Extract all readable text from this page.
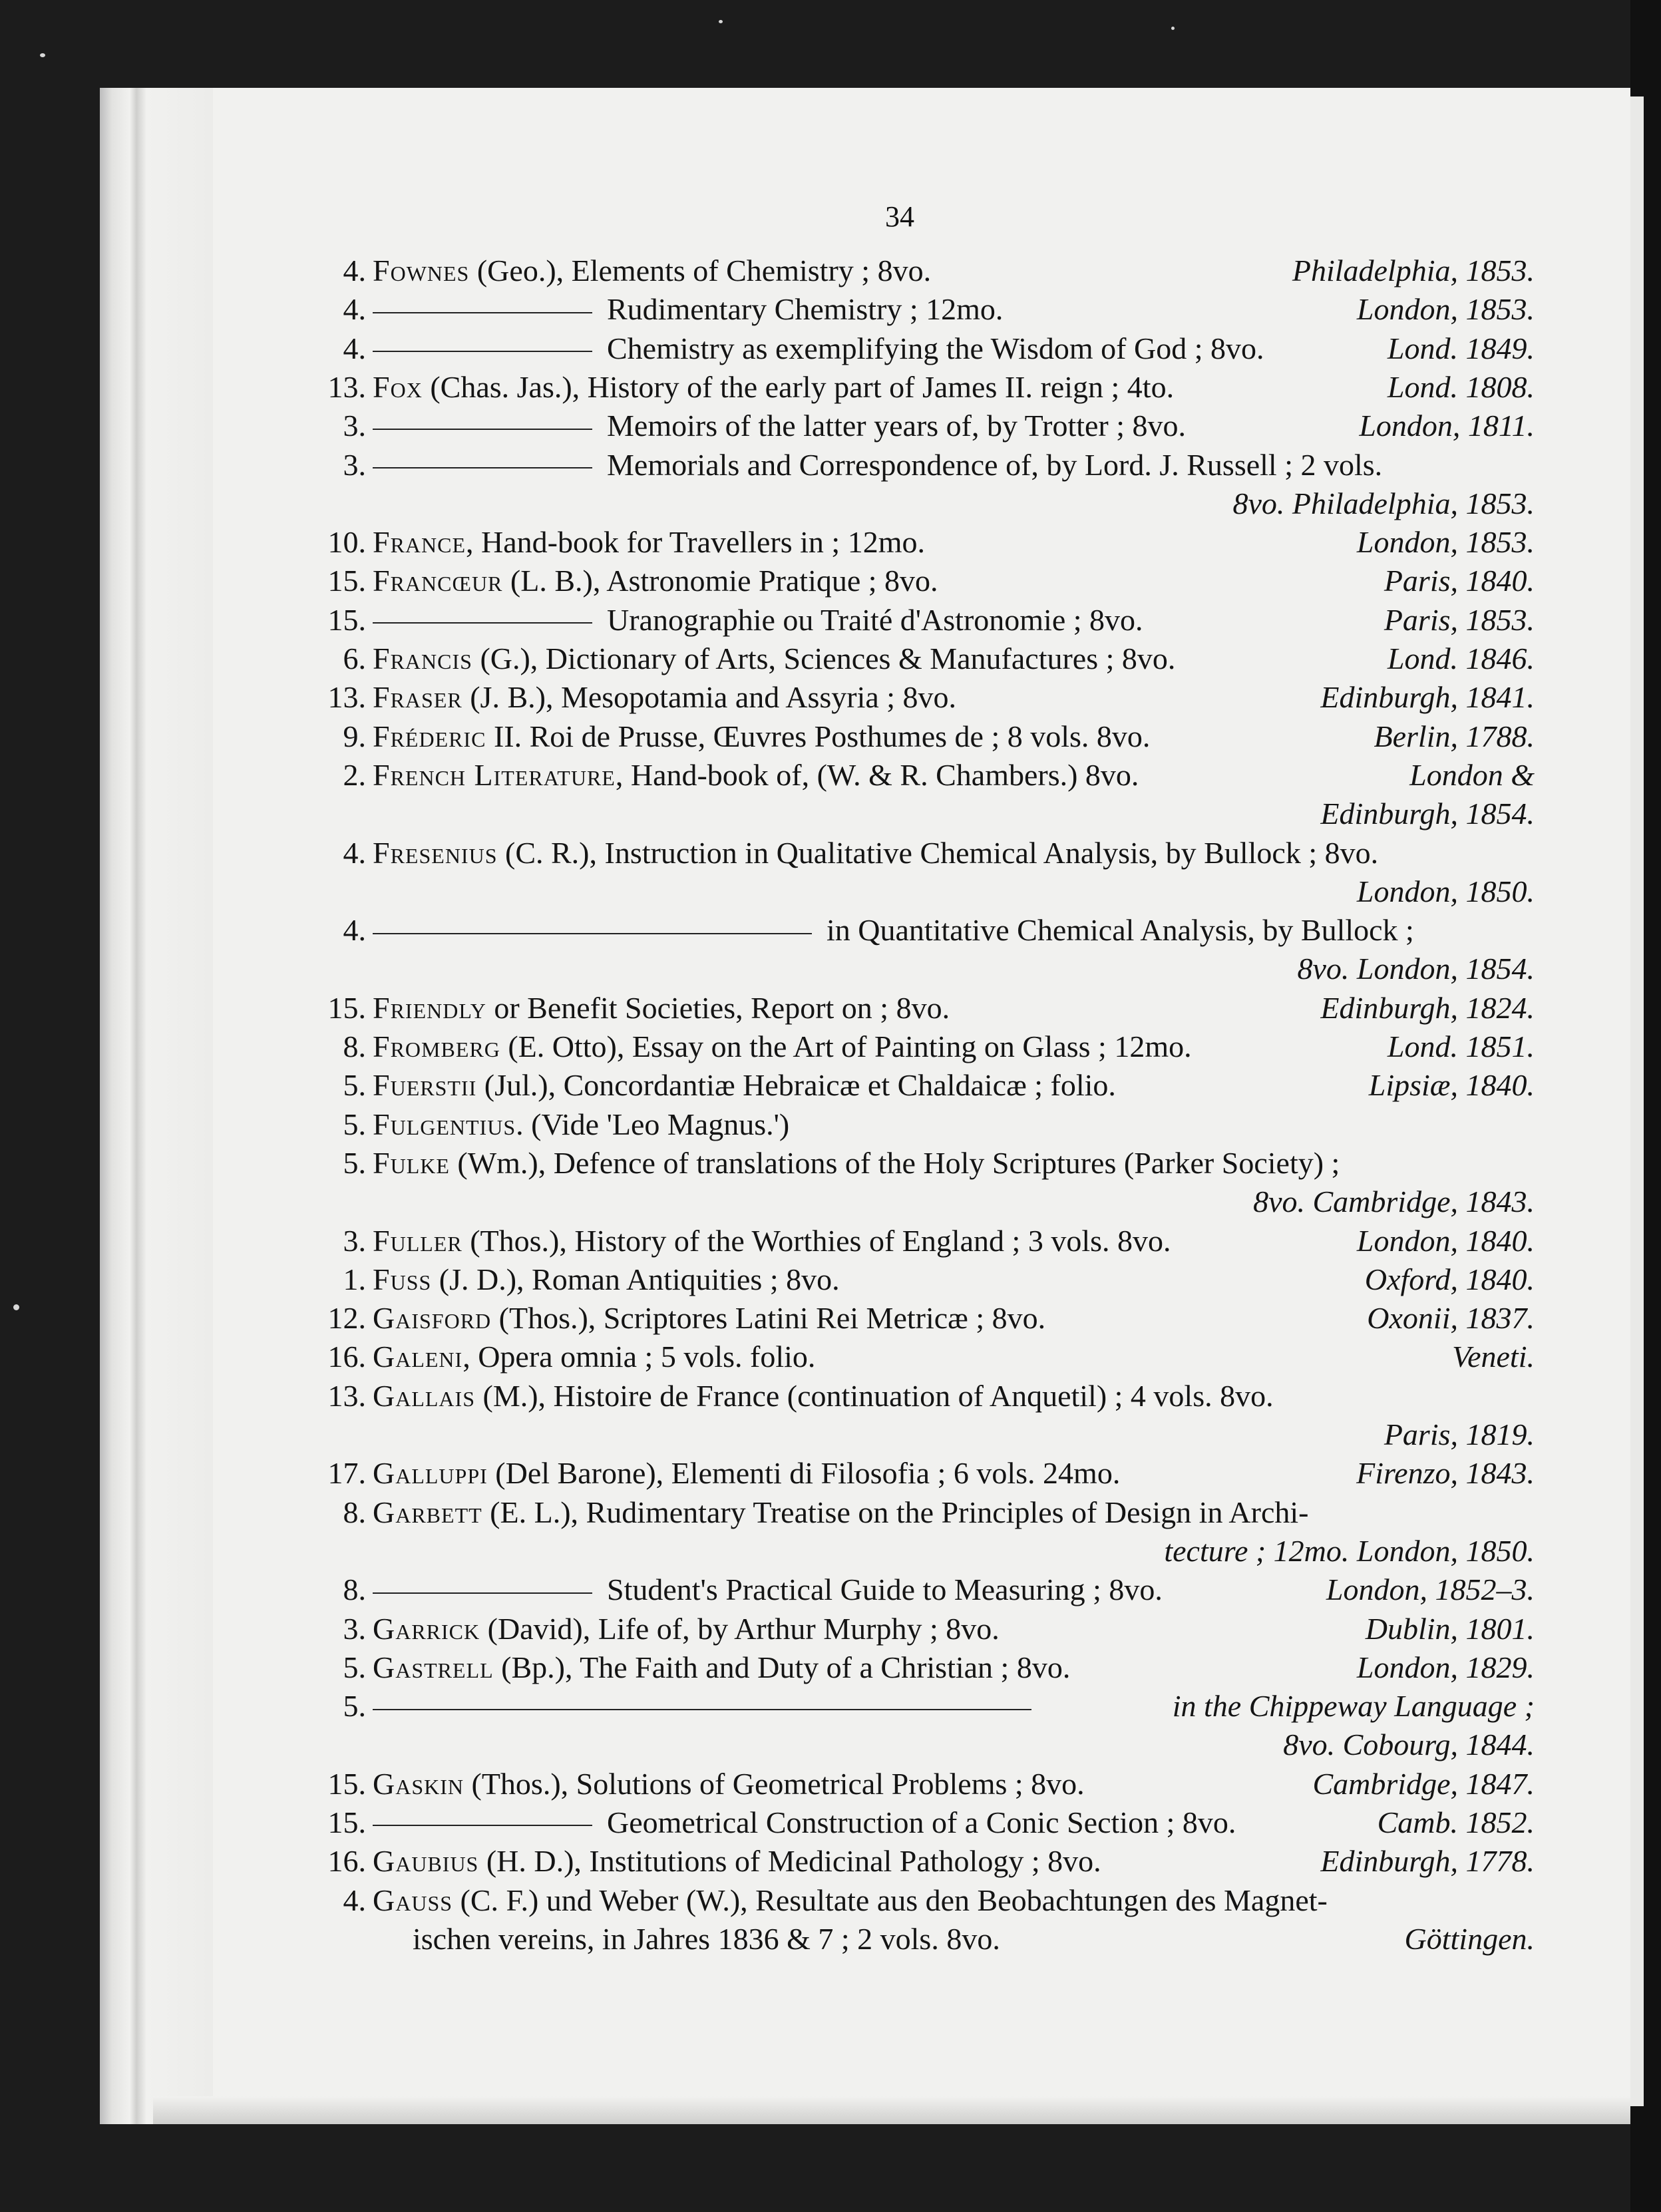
34
4. Fownes (Geo.), Elements of Chemistry ; 8vo.	Philadelphia, 1853.
4.	Rudimentary Chemistry ; 12mo.	London, 1853.
4.	Chemistry as exemplifying the Wisdom of God ; 8vo.	Lond. 1849.
13. Fox (Chas. Jas.), History of the early part of James II. reign ; 4to.	Lond. 1808.
3.	Memoirs of the latter years of, by Trotter ; 8vo.	London, 1811.
3.	Memorials and Correspondence of, by Lord. J. Russell ; 2 vols.
8vo. Philadelphia, 1853.
10. France, Hand-book for Travellers in ; 12mo.	London, 1853.
15. Francœur (L. B.), Astronomie Pratique ; 8vo.	Paris, 1840.
15.	Uranographie ou Traité d'Astronomie ; 8vo.	Paris, 1853.
6. Francis (G.), Dictionary of Arts, Sciences & Manufactures ; 8vo.	Lond. 1846.
13. Fraser (J. B.), Mesopotamia and Assyria ; 8vo.	Edinburgh, 1841.
9. Fréderic II. Roi de Prusse, Œuvres Posthumes de ; 8 vols. 8vo.	Berlin, 1788.
2. French Literature, Hand-book of, (W. & R. Chambers.) 8vo.	London &
Edinburgh, 1854.
4. Fresenius (C. R.), Instruction in Qualitative Chemical Analysis, by Bullock ; 8vo.
London, 1850.
4.	in Quantitative Chemical Analysis, by Bullock ;
8vo. London, 1854.
15. Friendly or Benefit Societies, Report on ; 8vo.	Edinburgh, 1824.
8. Fromberg (E. Otto), Essay on the Art of Painting on Glass ; 12mo.	Lond. 1851.
5. Fuerstii (Jul.), Concordantiæ Hebraicæ et Chaldaicæ ; folio.	Lipsiæ, 1840.
5. Fulgentius. (Vide 'Leo Magnus.')
5. Fulke (Wm.), Defence of translations of the Holy Scriptures (Parker Society) ;
8vo. Cambridge, 1843.
3. Fuller (Thos.), History of the Worthies of England ; 3 vols. 8vo.	London, 1840.
1. Fuss (J. D.), Roman Antiquities ; 8vo.	Oxford, 1840.
12. Gaisford (Thos.), Scriptores Latini Rei Metricæ ; 8vo.	Oxonii, 1837.
16. Galeni, Opera omnia ; 5 vols. folio.	Veneti.
13. Gallais (M.), Histoire de France (continuation of Anquetil) ; 4 vols. 8vo.
Paris, 1819.
17. Galluppi (Del Barone), Elementi di Filosofia ; 6 vols. 24mo.	Firenzo, 1843.
8. Garbett (E. L.), Rudimentary Treatise on the Principles of Design in Archi-
tecture ; 12mo. London, 1850.
8.	Student's Practical Guide to Measuring ; 8vo.	London, 1852–3.
3. Garrick (David), Life of, by Arthur Murphy ; 8vo.	Dublin, 1801.
5. Gastrell (Bp.), The Faith and Duty of a Christian ; 8vo.	London, 1829.
5.	in the Chippeway Language ;
8vo. Cobourg, 1844.
15. Gaskin (Thos.), Solutions of Geometrical Problems ; 8vo.	Cambridge, 1847.
15.	Geometrical Construction of a Conic Section ; 8vo.	Camb. 1852.
16. Gaubius (H. D.), Institutions of Medicinal Pathology ; 8vo.	Edinburgh, 1778.
4. Gauss (C. F.) und Weber (W.), Resultate aus den Beobachtungen des Magnet-
ischen vereins, in Jahres 1836 & 7 ; 2 vols. 8vo.	Göttingen.
